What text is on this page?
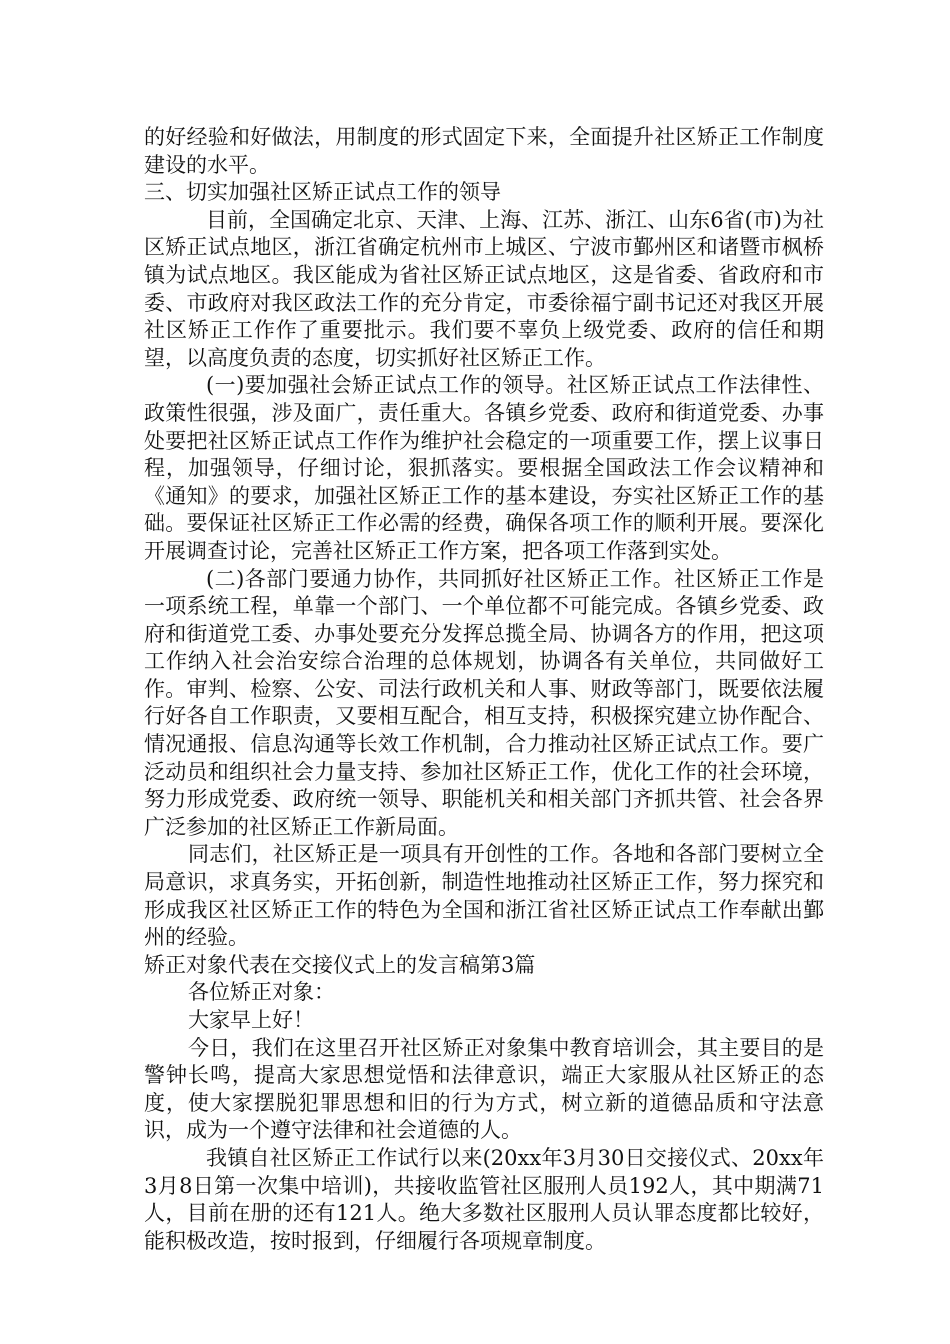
的好经验和好做法，用制度的形式固定下来，全面提升社区矫正工作制度建设的水平。

三、切实加强社区矫正试点工作的领导

目前，全国确定北京、天津、上海、江苏、浙江、山东6省(市)为社区矫正试点地区，浙江省确定杭州市上城区、宁波市鄞州区和诸暨市枫桥镇为试点地区。我区能成为省社区矫正试点地区，这是省委、省政府和市委、市政府对我区政法工作的充分肯定，市委徐福宁副书记还对我区开展社区矫正工作作了重要批示。我们要不辜负上级党委、政府的信任和期望，以高度负责的态度，切实抓好社区矫正工作。

(一)要加强社会矫正试点工作的领导。社区矫正试点工作法律性、政策性很强，涉及面广，责任重大。各镇乡党委、政府和街道党委、办事处要把社区矫正试点工作作为维护社会稳定的一项重要工作，摆上议事日程，加强领导，仔细讨论，狠抓落实。要根据全国政法工作会议精神和《通知》的要求，加强社区矫正工作的基本建设，夯实社区矫正工作的基础。要保证社区矫正工作必需的经费，确保各项工作的顺利开展。要深化开展调查讨论，完善社区矫正工作方案，把各项工作落到实处。

(二)各部门要通力协作，共同抓好社区矫正工作。社区矫正工作是一项系统工程，单靠一个部门、一个单位都不可能完成。各镇乡党委、政府和街道党工委、办事处要充分发挥总揽全局、协调各方的作用，把这项工作纳入社会治安综合治理的总体规划，协调各有关单位，共同做好工作。审判、检察、公安、司法行政机关和人事、财政等部门，既要依法履行好各自工作职责，又要相互配合，相互支持，积极探究建立协作配合、情况通报、信息沟通等长效工作机制，合力推动社区矫正试点工作。要广泛动员和组织社会力量支持、参加社区矫正工作，优化工作的社会环境，努力形成党委、政府统一领导、职能机关和相关部门齐抓共管、社会各界广泛参加的社区矫正工作新局面。

同志们，社区矫正是一项具有开创性的工作。各地和各部门要树立全局意识，求真务实，开拓创新，制造性地推动社区矫正工作，努力探究和形成我区社区矫正工作的特色为全国和浙江省社区矫正试点工作奉献出鄞州的经验。

矫正对象代表在交接仪式上的发言稿第3篇

各位矫正对象：

大家早上好！

今日，我们在这里召开社区矫正对象集中教育培训会，其主要目的是警钟长鸣，提高大家思想觉悟和法律意识，端正大家服从社区矫正的态度，使大家摆脱犯罪思想和旧的行为方式，树立新的道德品质和守法意识，成为一个遵守法律和社会道德的人。

我镇自社区矫正工作试行以来(20xx年3月30日交接仪式、20xx年3月8日第一次集中培训)，共接收监管社区服刑人员192人，其中期满71人，目前在册的还有121人。绝大多数社区服刑人员认罪态度都比较好，能积极改造，按时报到，仔细履行各项规章制度。
